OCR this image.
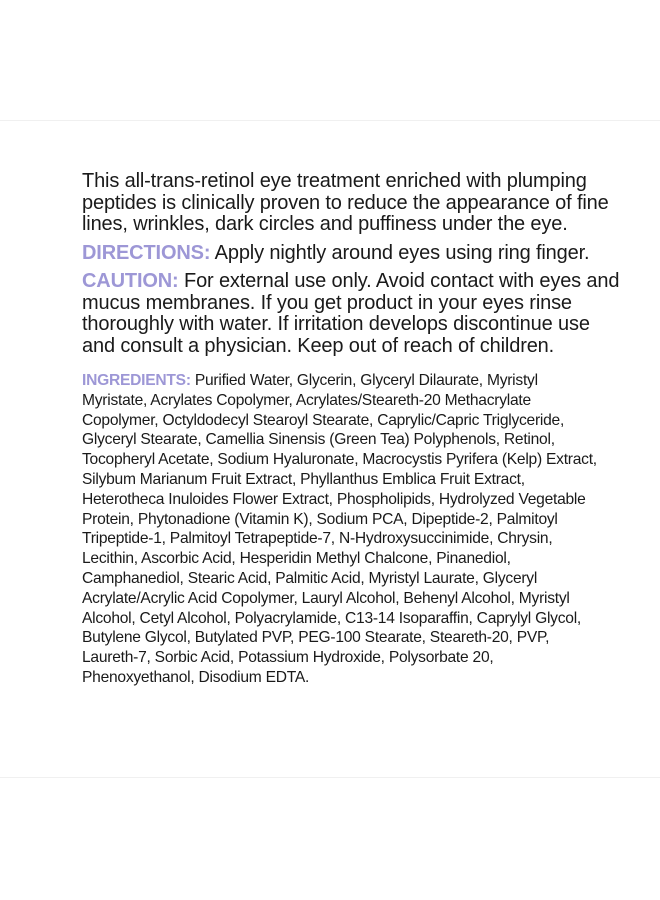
This all-trans-retinol eye treatment enriched with plumping peptides is clinically proven to reduce the appearance of fine lines, wrinkles, dark circles and puffiness under the eye.

DIRECTIONS: Apply nightly around eyes using ring finger.

CAUTION: For external use only. Avoid contact with eyes and mucus membranes. If you get product in your eyes rinse thoroughly with water. If irritation develops discontinue use and consult a physician. Keep out of reach of children.

INGREDIENTS: Purified Water, Glycerin, Glyceryl Dilaurate, Myristyl Myristate, Acrylates Copolymer, Acrylates/Steareth-20 Methacrylate Copolymer, Octyldodecyl Stearoyl Stearate, Caprylic/Capric Triglyceride, Glyceryl Stearate, Camellia Sinensis (Green Tea) Polyphenols, Retinol, Tocopheryl Acetate, Sodium Hyaluronate, Macrocystis Pyrifera (Kelp) Extract, Silybum Marianum Fruit Extract, Phyllanthus Emblica Fruit Extract, Heterotheca Inuloides Flower Extract, Phospholipids, Hydrolyzed Vegetable Protein, Phytonadione (Vitamin K), Sodium PCA, Dipeptide-2, Palmitoyl Tripeptide-1, Palmitoyl Tetrapeptide-7, N-Hydroxysuccinimide, Chrysin, Lecithin, Ascorbic Acid, Hesperidin Methyl Chalcone, Pinanediol, Camphanediol, Stearic Acid, Palmitic Acid, Myristyl Laurate, Glyceryl Acrylate/Acrylic Acid Copolymer, Lauryl Alcohol, Behenyl Alcohol, Myristyl Alcohol, Cetyl Alcohol, Polyacrylamide, C13-14 Isoparaffin, Caprylyl Glycol, Butylene Glycol, Butylated PVP, PEG-100 Stearate, Steareth-20, PVP, Laureth-7, Sorbic Acid, Potassium Hydroxide, Polysorbate 20, Phenoxyethanol, Disodium EDTA.
